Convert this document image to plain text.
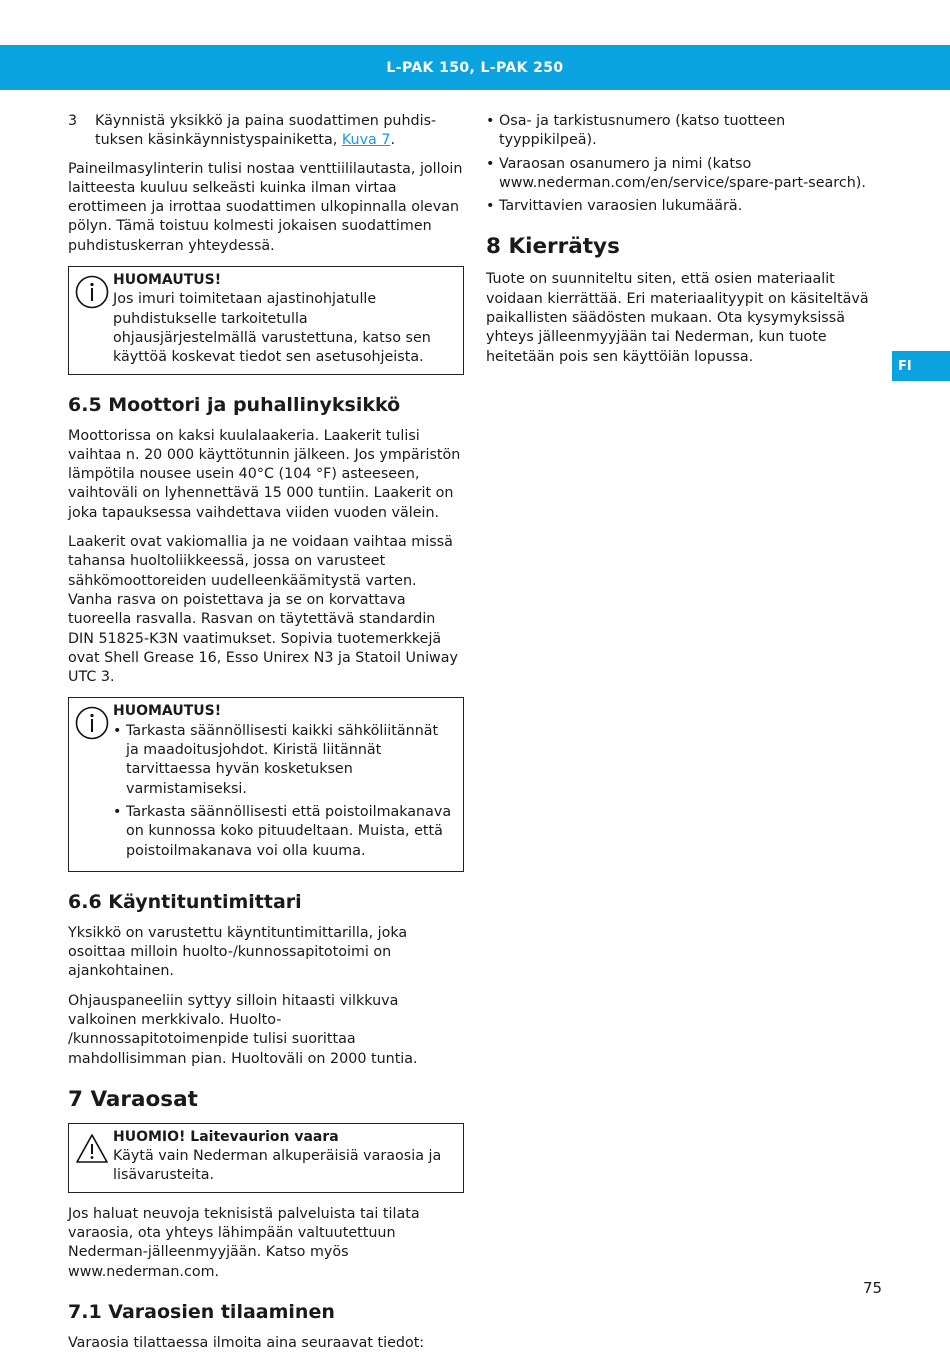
L-PAK 150, L-PAK 250
FI
3	Käynnistä yksikkö ja paina suodattimen puhdis-tuksen käsinkäynnistyspainiketta, Kuva 7.

Paineilmasylinterin tulisi nostaa venttiililautasta, jolloin laitteesta kuuluu selkeästi kuinka ilman virtaa erottimeen ja irrottaa suodattimen ulkopinnalla olevan pölyn. Tämä toistuu kolmesti jokaisen suodattimen puhdistuskerran yhteydessä.

HUOMAUTUS!
Jos imuri toimitetaan ajastinohjatulle puhdistukselle tarkoitetulla ohjausjärjestelmällä varustettuna, katso sen käyttöä koskevat tiedot sen asetusohjeista.
6.5 Moottori ja puhallinyksikkö

Moottorissa on kaksi kuulalaakeria. Laakerit tulisi vaihtaa n. 20 000 käyttötunnin jälkeen. Jos ympäristön lämpötila nousee usein 40°C (104 °F) asteeseen, vaihtoväli on lyhennettävä 15 000 tuntiin. Laakerit on joka tapauksessa vaihdettava viiden vuoden välein.

Laakerit ovat vakiomallia ja ne voidaan vaihtaa missä tahansa huoltoliikkeessä, jossa on varusteet sähkömoottoreiden uudelleenkäämitystä varten. Vanha rasva on poistettava ja se on korvattava tuoreella rasvalla. Rasvan on täytettävä standardin DIN 51825-K3N vaatimukset. Sopivia tuotemerkkejä ovat Shell Grease 16, Esso Unirex N3 ja Statoil Uniway UTC 3.

HUOMAUTUS!
• Tarkasta säännöllisesti kaikki sähköliitännät ja maadoitusjohdot. Kiristä liitännät tarvittaessa hyvän kosketuksen varmistamiseksi.
• Tarkasta säännöllisesti että poistoilmakanava on kunnossa koko pituudeltaan. Muista, että poistoilmakanava voi olla kuuma.
6.6 Käyntituntimittari

Yksikkö on varustettu käyntituntimittarilla, joka osoittaa milloin huolto-/kunnossapitotoimi on ajankohtainen.

Ohjauspaneeliin syttyy silloin hitaasti vilkkuva valkoinen merkkivalo. Huolto- /kunnossapitotoimenpide tulisi suorittaa mahdollisimman pian. Huoltoväli on 2000 tuntia.

7 Varaosat
HUOMIO! Laitevaurion vaara
Käytä vain Nederman alkuperäisiä varaosia ja lisävarusteita.

Jos haluat neuvoja teknisistä palveluista tai tilata varaosia, ota yhteys lähimpään valtuutettuun Nederman-jälleenmyyjään. Katso myös www.nederman.com.

7.1 Varaosien tilaaminen

Varaosia tilattaessa ilmoita aina seuraavat tiedot:

• Osa- ja tarkistusnumero (katso tuotteen tyyppikilpeä).
• Varaosan osanumero ja nimi (katso www.nederman.com/en/service/spare-part-search).
• Tarvittavien varaosien lukumäärä.
8 Kierrätys

Tuote on suunniteltu siten, että osien materiaalit voidaan kierrättää. Eri materiaalityypit on käsiteltävä paikallisten säädösten mukaan. Ota kysymyksissä yhteys jälleenmyyjään tai Nederman, kun tuote heitetään pois sen käyttöiän lopussa.

75
